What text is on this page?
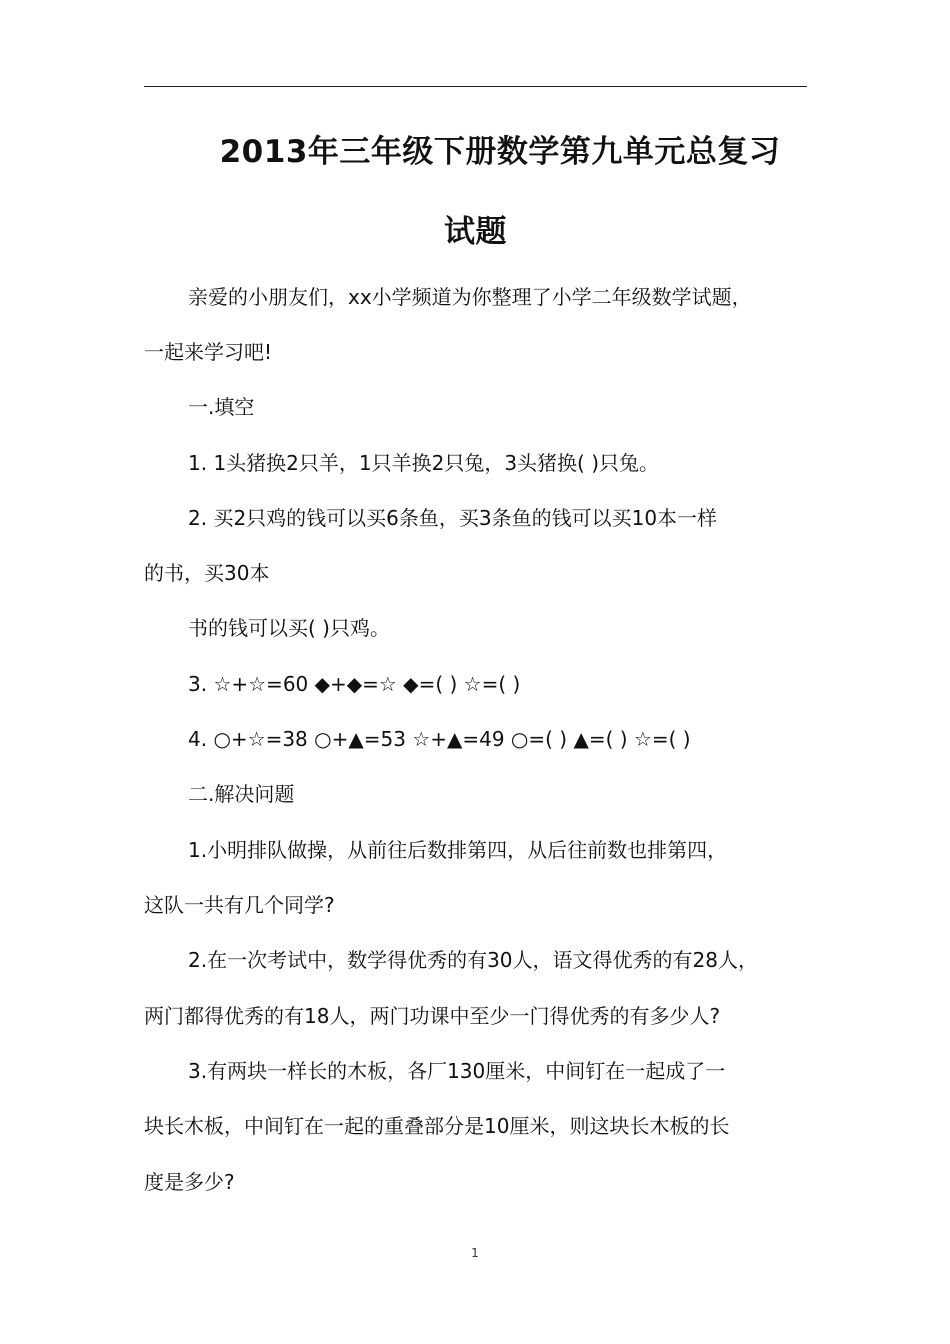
2013年三年级下册数学第九单元总复习
试题
亲爱的小朋友们，xx小学频道为你整理了小学二年级数学试题，
一起来学习吧!
一.填空
1. 1头猪换2只羊，1只羊换2只兔，3头猪换( )只兔。
2. 买2只鸡的钱可以买6条鱼，买3条鱼的钱可以买10本一样
的书，买30本
书的钱可以买( )只鸡。
3. ☆+☆=60 ◆+◆=☆ ◆=( ) ☆=( )
4. ○+☆=38 ○+▲=53 ☆+▲=49 ○=( ) ▲=( ) ☆=( )
二.解决问题
1.小明排队做操，从前往后数排第四，从后往前数也排第四，
这队一共有几个同学?
2.在一次考试中，数学得优秀的有30人，语文得优秀的有28人，
两门都得优秀的有18人，两门功课中至少一门得优秀的有多少人?
3.有两块一样长的木板，各厂130厘米，中间钉在一起成了一
块长木板，中间钉在一起的重叠部分是10厘米，则这块长木板的长
度是多少?
1
